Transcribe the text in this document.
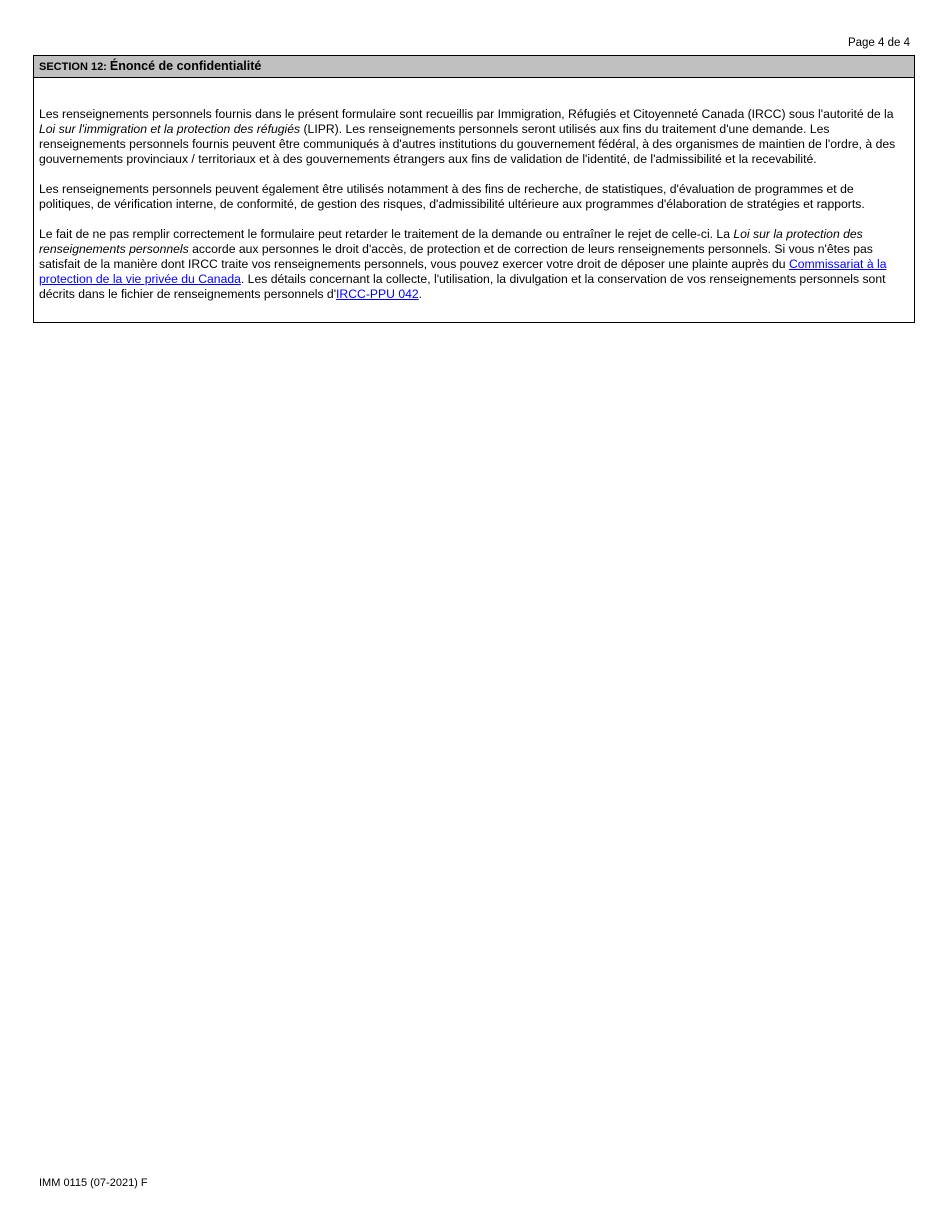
Page 4 de 4
SECTION 12: Énoncé de confidentialité

Les renseignements personnels fournis dans le présent formulaire sont recueillis par Immigration, Réfugiés et Citoyenneté Canada (IRCC) sous l'autorité de la Loi sur l'immigration et la protection des réfugiés (LIPR). Les renseignements personnels seront utilisés aux fins du traitement d'une demande. Les renseignements personnels fournis peuvent être communiqués à d'autres institutions du gouvernement fédéral, à des organismes de maintien de l'ordre, à des gouvernements provinciaux / territoriaux et à des gouvernements étrangers aux fins de validation de l'identité, de l'admissibilité et la recevabilité.

Les renseignements personnels peuvent également être utilisés notamment à des fins de recherche, de statistiques, d'évaluation de programmes et de politiques, de vérification interne, de conformité, de gestion des risques, d'admissibilité ultérieure aux programmes d'élaboration de stratégies et rapports.

Le fait de ne pas remplir correctement le formulaire peut retarder le traitement de la demande ou entraîner le rejet de celle-ci. La Loi sur la protection des renseignements personnels accorde aux personnes le droit d'accès, de protection et de correction de leurs renseignements personnels. Si vous n'êtes pas satisfait de la manière dont IRCC traite vos renseignements personnels, vous pouvez exercer votre droit de déposer une plainte auprès du Commissariat à la protection de la vie privée du Canada. Les détails concernant la collecte, l'utilisation, la divulgation et la conservation de vos renseignements personnels sont décrits dans le fichier de renseignements personnels d'IRCC-PPU 042.

IMM 0115 (07-2021) F
